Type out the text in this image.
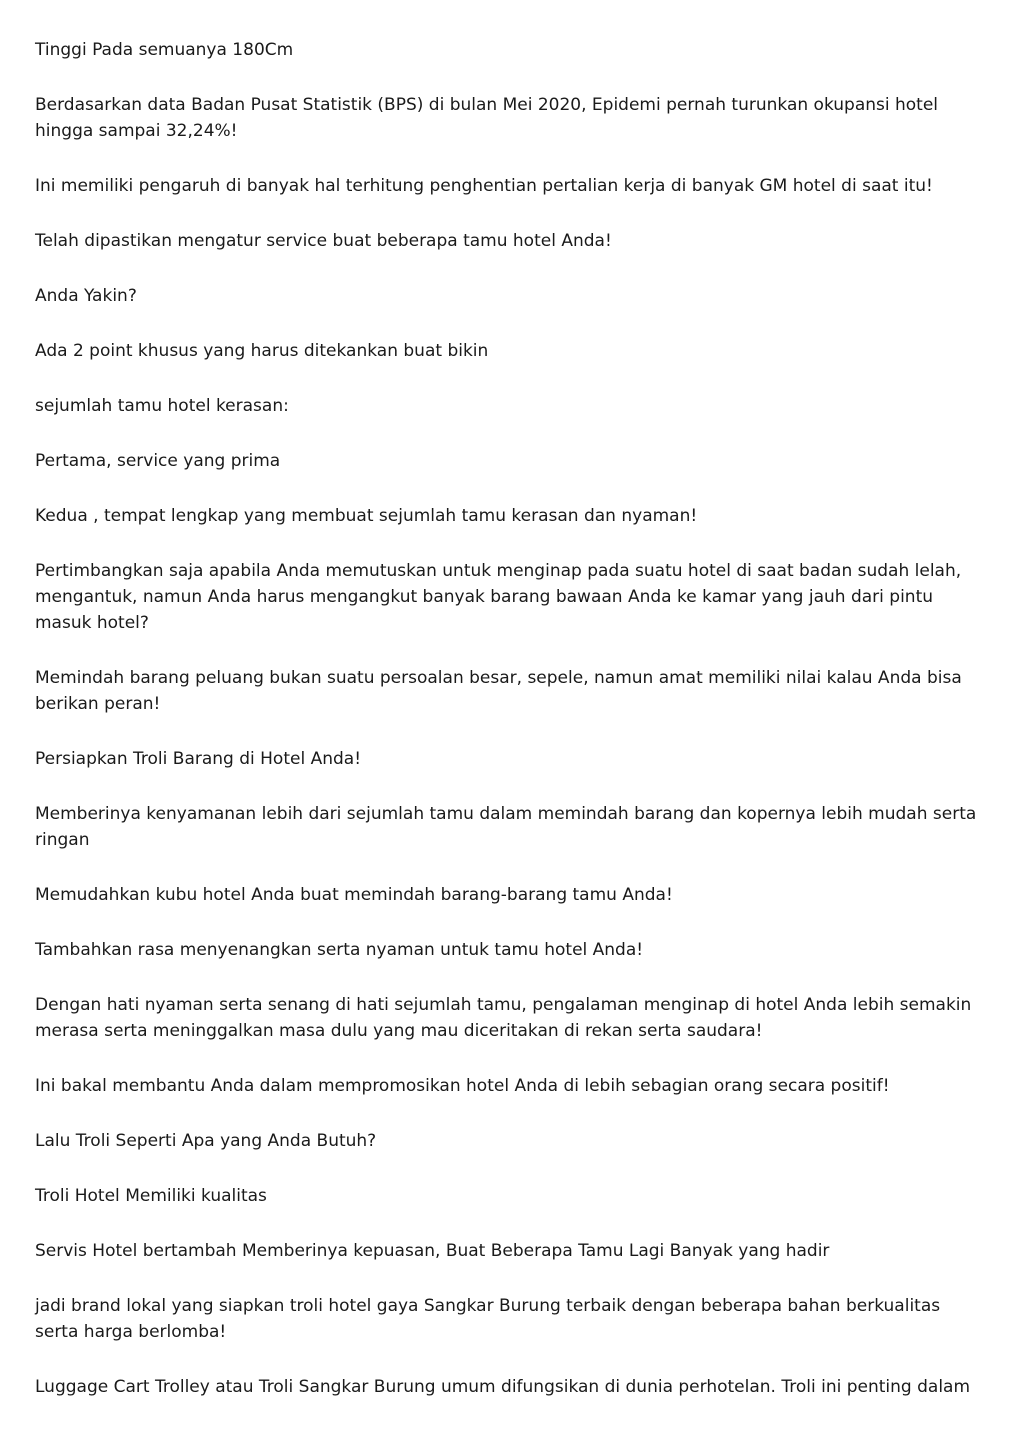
Tinggi Pada semuanya 180Cm

Berdasarkan data Badan Pusat Statistik (BPS) di bulan Mei 2020, Epidemi pernah turunkan okupansi hotel hingga sampai 32,24%!

Ini memiliki pengaruh di banyak hal terhitung penghentian pertalian kerja di banyak GM hotel di saat itu!

Telah dipastikan mengatur service buat beberapa tamu hotel Anda!

Anda Yakin?

Ada 2 point khusus yang harus ditekankan buat bikin

sejumlah tamu hotel kerasan:

Pertama, service yang prima

Kedua , tempat lengkap yang membuat sejumlah tamu kerasan dan nyaman!

Pertimbangkan saja apabila Anda memutuskan untuk menginap pada suatu hotel di saat badan sudah lelah, mengantuk, namun Anda harus mengangkut banyak barang bawaan Anda ke kamar yang jauh dari pintu masuk hotel?

Memindah barang peluang bukan suatu persoalan besar, sepele, namun amat memiliki nilai kalau Anda bisa berikan peran!

Persiapkan Troli Barang di Hotel Anda!

Memberinya kenyamanan lebih dari sejumlah tamu dalam memindah barang dan kopernya lebih mudah serta ringan

Memudahkan kubu hotel Anda buat memindah barang-barang tamu Anda!

Tambahkan rasa menyenangkan serta nyaman untuk tamu hotel Anda!

Dengan hati nyaman serta senang di hati sejumlah tamu, pengalaman menginap di hotel Anda lebih semakin merasa serta meninggalkan masa dulu yang mau diceritakan di rekan serta saudara!

Ini bakal membantu Anda dalam mempromosikan hotel Anda di lebih sebagian orang secara positif!

Lalu Troli Seperti Apa yang Anda Butuh?

Troli Hotel Memiliki kualitas

Servis Hotel bertambah Memberinya kepuasan, Buat Beberapa Tamu Lagi Banyak yang hadir

jadi brand lokal yang siapkan troli hotel gaya Sangkar Burung terbaik dengan beberapa bahan berkualitas serta harga berlomba!

Luggage Cart Trolley atau Troli Sangkar Burung umum difungsikan di dunia perhotelan. Troli ini penting dalam
